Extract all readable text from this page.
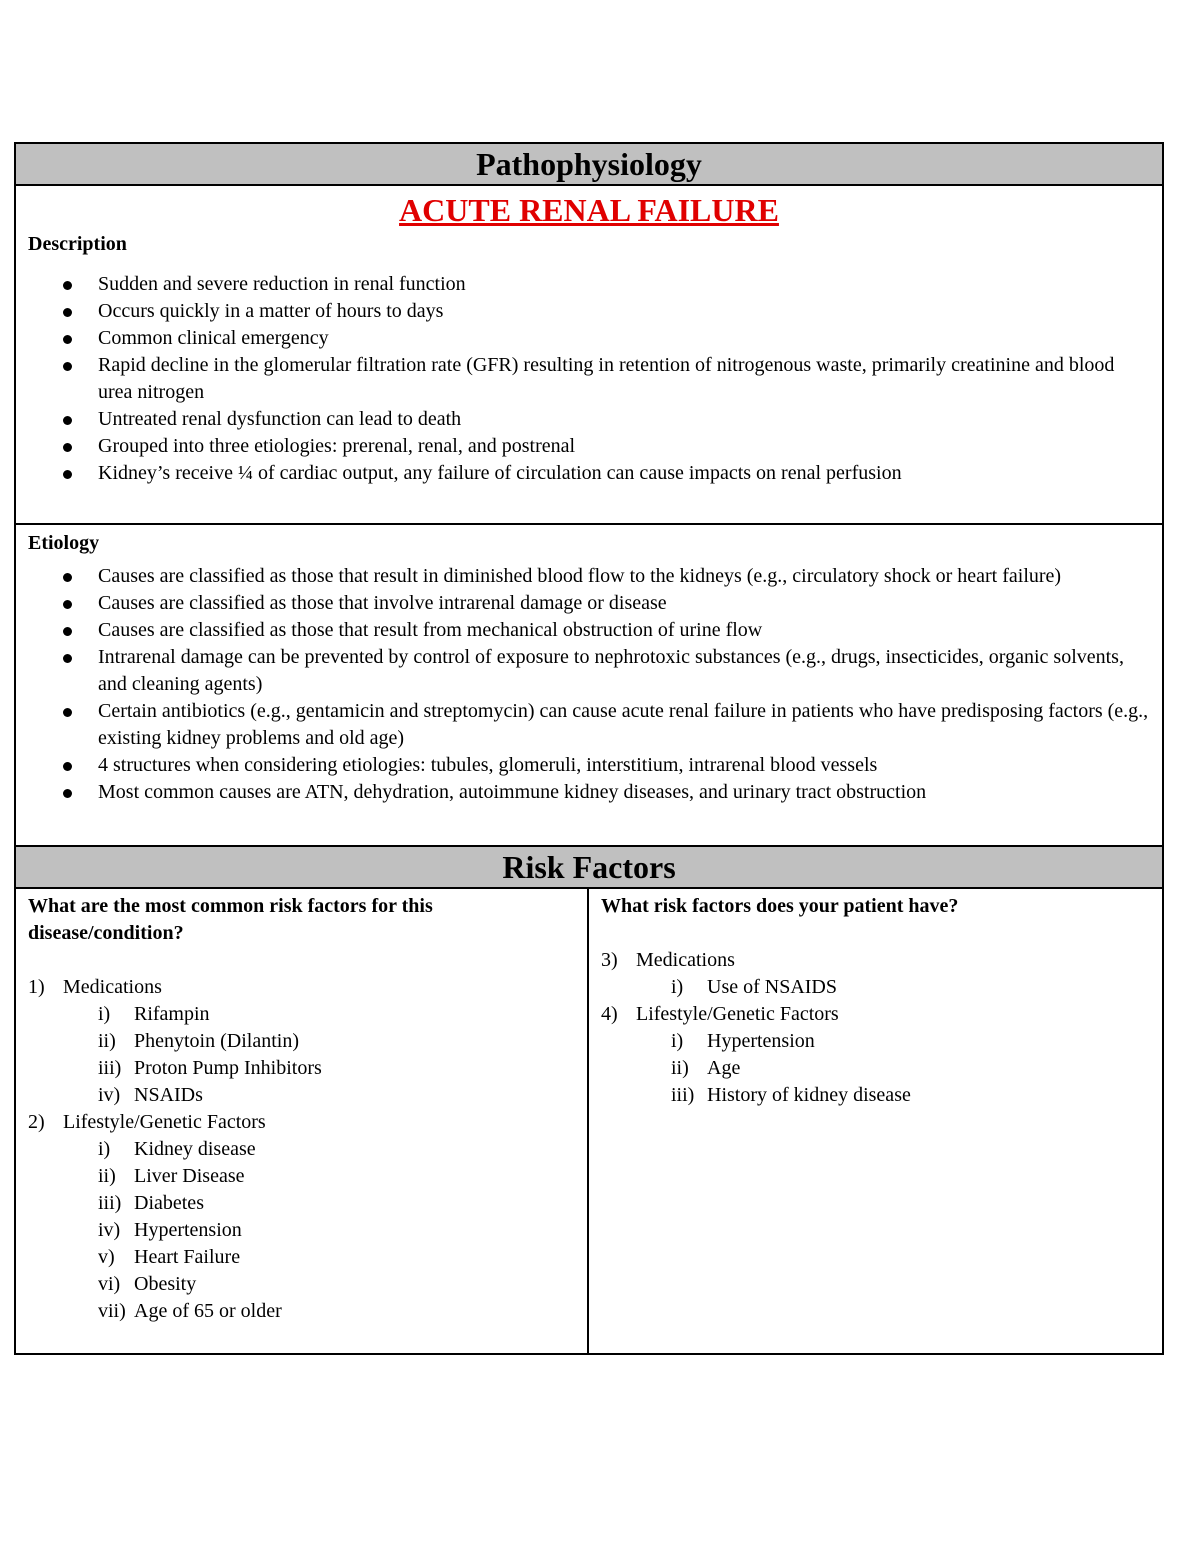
Pathophysiology
ACUTE RENAL FAILURE
Description
Sudden and severe reduction in renal function
Occurs quickly in a matter of hours to days
Common clinical emergency
Rapid decline in the glomerular filtration rate (GFR) resulting in retention of nitrogenous waste, primarily creatinine and blood urea nitrogen
Untreated renal dysfunction can lead to death
Grouped into three etiologies: prerenal, renal, and postrenal
Kidney’s receive ¼ of cardiac output, any failure of circulation can cause impacts on renal perfusion
Etiology
Causes are classified as those that result in diminished blood flow to the kidneys (e.g., circulatory shock or heart failure)
Causes are classified as those that involve intrarenal damage or disease
Causes are classified as those that result from mechanical obstruction of urine flow
Intrarenal damage can be prevented by control of exposure to nephrotoxic substances (e.g., drugs, insecticides, organic solvents, and cleaning agents)
Certain antibiotics (e.g., gentamicin and streptomycin) can cause acute renal failure in patients who have predisposing factors (e.g., existing kidney problems and old age)
4 structures when considering etiologies: tubules, glomeruli, interstitium, intrarenal blood vessels
Most common causes are ATN, dehydration, autoimmune kidney diseases, and urinary tract obstruction
Risk Factors
What are the most common risk factors for this disease/condition?
1) Medications
i)	Rifampin
ii) Phenytoin (Dilantin)
iii) Proton Pump Inhibitors
iv) NSAIDs
2) Lifestyle/Genetic Factors
i)	Kidney disease
ii) Liver Disease
iii) Diabetes
iv) Hypertension
v) Heart Failure
vi) Obesity
vii) Age of 65 or older
What risk factors does your patient have?
3) Medications
i)	Use of NSAIDS
4) Lifestyle/Genetic Factors
i)	Hypertension
ii) Age
iii) History of kidney disease
